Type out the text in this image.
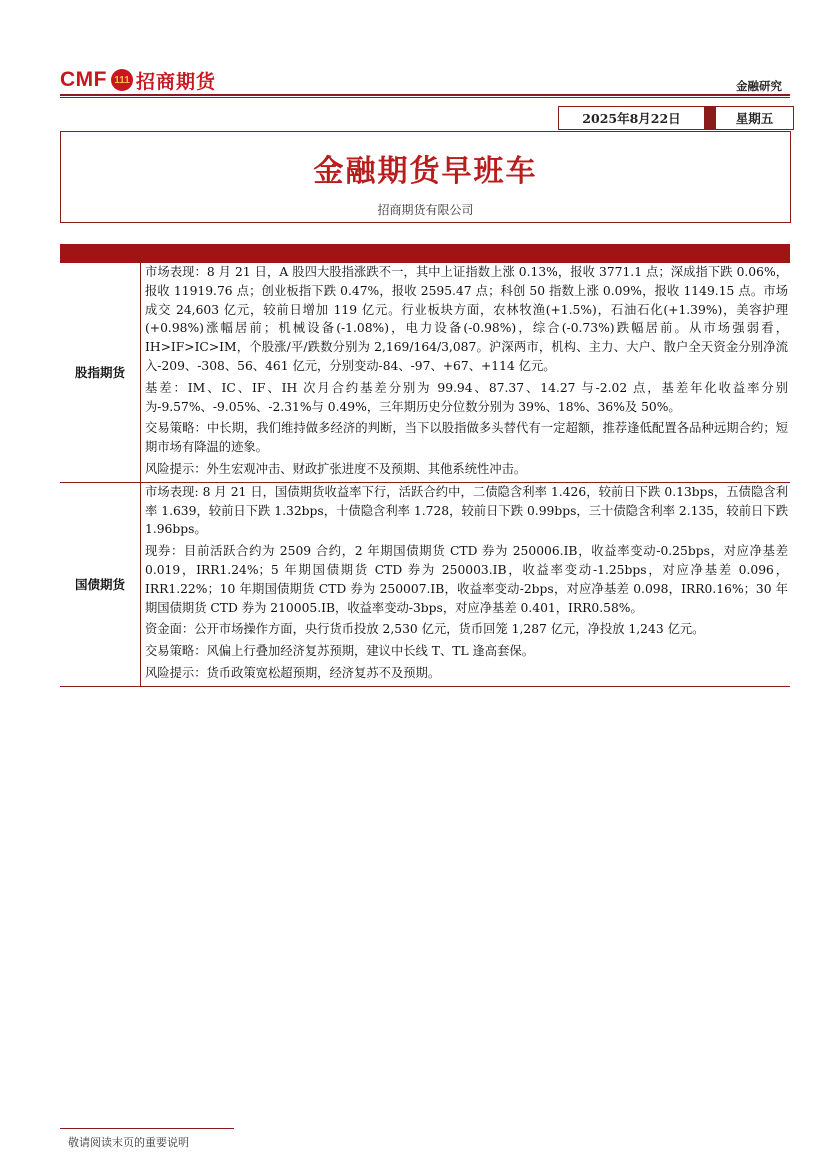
CMF 111 招商期货	金融研究
2025年8月22日	星期五
金融期货早班车
招商期货有限公司
股指期货	市场表现：8 月 21 日，A 股四大股指涨跌不一，其中上证指数上涨 0.13%，报收 3771.1 点；深成指下跌 0.06%，报收 11919.76 点；创业板指下跌 0.47%，报收 2595.47 点；科创 50 指数上涨 0.09%，报收 1149.15 点。市场成交 24,603 亿元，较前日增加 119 亿元。行业板块方面，农林牧渔(+1.5%)，石油石化(+1.39%)，美容护理(+0.98%)涨幅居前；机械设备(-1.08%)，电力设备(-0.98%)，综合(-0.73%)跌幅居前。从市场强弱看，IH>IF>IC>IM，个股涨/平/跌数分别为 2,169/164/3,087。沪深两市，机构、主力、大户、散户全天资金分别净流入-209、-308、56、461 亿元，分别变动-84、-97、+67、+114 亿元。

基差：IM、IC、IF、IH 次月合约基差分别为 99.94、87.37、14.27 与-2.02 点，基差年化收益率分别为-9.57%、-9.05%、-2.31%与 0.49%，三年期历史分位数分别为 39%、18%、36%及 50%。

交易策略：中长期，我们维持做多经济的判断，当下以股指做多头替代有一定超额，推荐逢低配置各品种远期合约；短期市场有降温的迹象。

风险提示：外生宏观冲击、财政扩张进度不及预期、其他系统性冲击。

国债期货	市场表现: 8 月 21 日，国债期货收益率下行，活跃合约中，二债隐含利率 1.426，较前日下跌 0.13bps，五债隐含利率 1.639，较前日下跌 1.32bps，十债隐含利率 1.728，较前日下跌 0.99bps，三十债隐含利率 2.135，较前日下跌 1.96bps。

现券：目前活跃合约为 2509 合约，2 年期国债期货 CTD 券为 250006.IB，收益率变动-0.25bps，对应净基差 0.019，IRR1.24%；5 年期国债期货 CTD 券为 250003.IB，收益率变动-1.25bps，对应净基差 0.096，IRR1.22%；10 年期国债期货 CTD 券为 250007.IB，收益率变动-2bps，对应净基差 0.098，IRR0.16%；30 年期国债期货 CTD 券为 210005.IB，收益率变动-3bps，对应净基差 0.401，IRR0.58%。

资金面：公开市场操作方面，央行货币投放 2,530 亿元，货币回笼 1,287 亿元，净投放 1,243 亿元。

交易策略：风偏上行叠加经济复苏预期，建议中长线 T、TL 逢高套保。

风险提示：货币政策宽松超预期，经济复苏不及预期。

敬请阅读末页的重要说明
